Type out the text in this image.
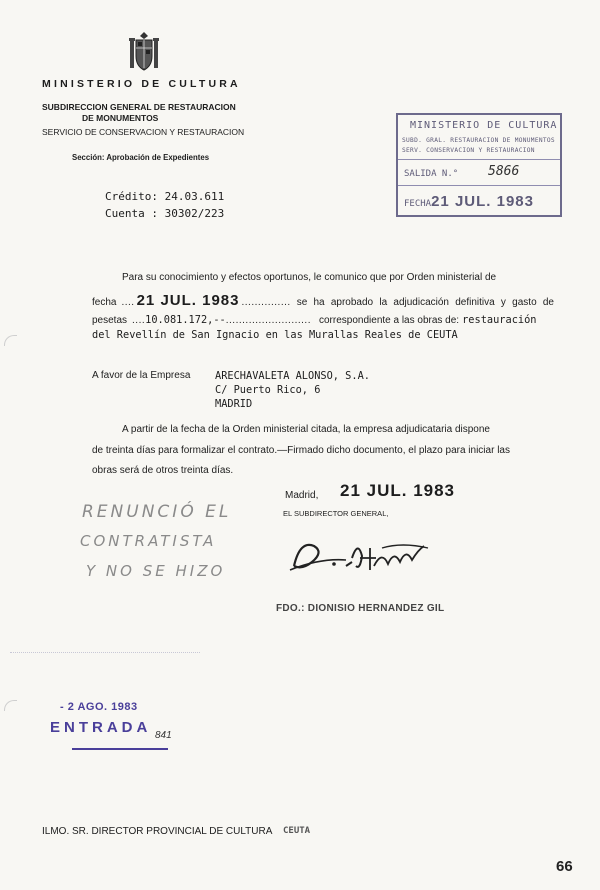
MINISTERIO DE CULTURA
SUBDIRECCION GENERAL DE RESTAURACION
DE MONUMENTOS
SERVICIO DE CONSERVACION Y RESTAURACION
Sección: Aprobación de Expedientes
MINISTERIO DE CULTURA
SUBD. GRAL. RESTAURACION DE MONUMENTOS
SERV. CONSERVACION Y RESTAURACION
SALIDA N.° 5866
FECHA21 JUL. 1983
Crédito: 24.03.611
Cuenta : 30302/223
Para su conocimiento y efectos oportunos, le comunico que por Orden ministerial de
fecha .... 21 JUL. 1983 ............... se ha aprobado la adjudicación definitiva y gasto de
pesetas .... 10.081.172,-- .......................... correspondiente a las obras de: restauración
del Revellín de San Ignacio en las Murallas Reales de CEUTA
A favor de la Empresa ARECHAVALETA ALONSO, S.A.
C/ Puerto Rico, 6
MADRID
A partir de la fecha de la Orden ministerial citada, la empresa adjudicataria dispone
de treinta días para formalizar el contrato.—Firmado dicho documento, el plazo para iniciar las
obras será de otros treinta días.
Madrid, 21 JUL. 1983
EL SUBDIRECTOR GENERAL,
FDO.: DIONISIO HERNANDEZ GIL
RENUNCIÓ EL
CONTRATISTA
Y NO SE HIZO
- 2 AGO. 1983
ENTRADA 841
ILMO. SR. DIRECTOR PROVINCIAL DE CULTURA CEUTA
66
